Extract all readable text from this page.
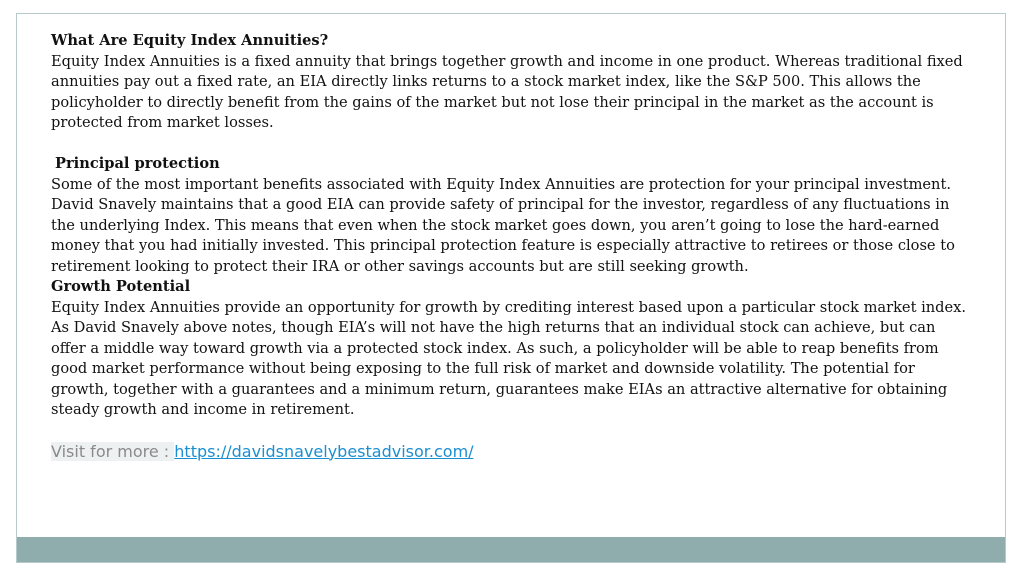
What Are Equity Index Annuities?

Equity Index Annuities is a fixed annuity that brings together growth and income in one product. Whereas traditional fixed annuities pay out a fixed rate, an EIA directly links returns to a stock market index, like the S&P 500. This allows the policyholder to directly benefit from the gains of the market but not lose their principal in the market as the account is protected from market losses.

Principal protection

Some of the most important benefits associated with Equity Index Annuities are protection for your principal investment. David Snavely maintains that a good EIA can provide safety of principal for the investor, regardless of any fluctuations in the underlying Index. This means that even when the stock market goes down, you aren’t going to lose the hard-earned money that you had initially invested. This principal protection feature is especially attractive to retirees or those close to retirement looking to protect their IRA or other savings accounts but are still seeking growth.

Growth Potential

Equity Index Annuities provide an opportunity for growth by crediting interest based upon a particular stock market index. As David Snavely above notes, though EIA’s will not have the high returns that an individual stock can achieve, but can offer a middle way toward growth via a protected stock index. As such, a policyholder will be able to reap benefits from good market performance without being exposing to the full risk of market and downside volatility. The potential for growth, together with a guarantees and a minimum return, guarantees make EIAs an attractive alternative for obtaining steady growth and income in retirement.

Visit for more : https://davidsnavelybestadvisor.com/
